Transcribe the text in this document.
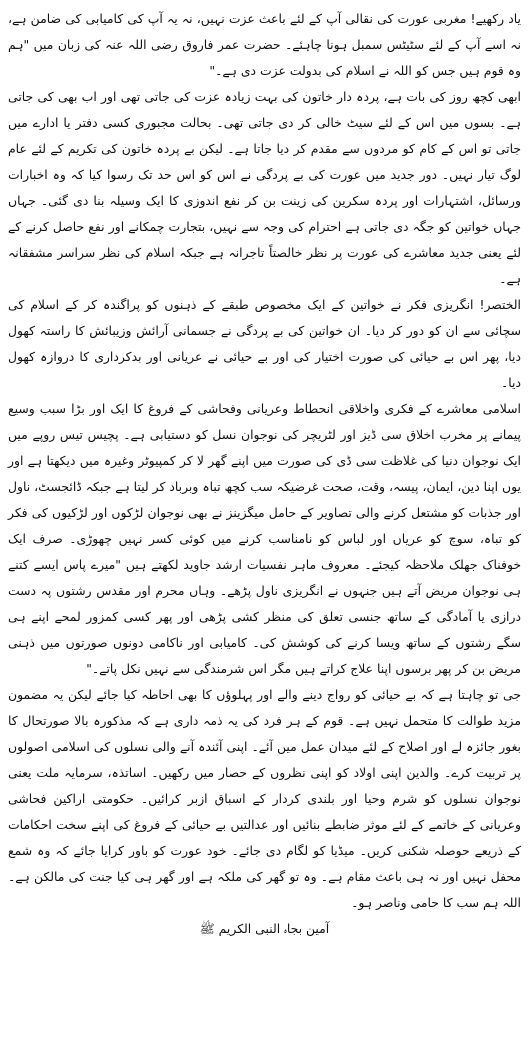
یاد رکھیے! مغربی عورت کی نقالی آپ کے لئے باعث عزت نہیں، نہ یہ آپ کی کامیابی کی ضامن ہے، نہ اسے آپ کے لئے سٹیٹس سمبل ہونا چاہئے۔ حضرت عمر فاروق رضی اللہ عنہ کی زبان میں "ہم وہ قوم ہیں جس کو اللہ نے اسلام کی بدولت عزت دی ہے۔"

ابھی کچھ روز کی بات ہے، پردہ دار خاتون کی بہت زیادہ عزت کی جاتی تھی اور اب بھی کی جاتی ہے۔ بسوں میں اس کے لئے سیٹ خالی کر دی جاتی تھی۔ بحالت مجبوری کسی دفتر یا ادارے میں جاتی تو اس کے کام کو مردوں سے مقدم کر دیا جاتا ہے۔ لیکن بے پردہ خاتون کی تکریم کے لئے عام لوگ تیار نہیں۔ دور جدید میں عورت کی بے پردگی نے اس کو اس حد تک رسوا کیا کہ وہ اخبارات ورسائل، اشتہارات اور پردہ سکرین کی زینت بن کر نفع اندوزی کا ایک وسیلہ بنا دی گئی۔ جہاں جہاں خواتین کو جگہ دی جاتی ہے احترام کی وجہ سے نہیں، بتجارت چمکانے اور نفع حاصل کرنے کے لئے یعنی جدید معاشرے کی عورت پر نظر خالصتاً تاجرانہ ہے جبکہ اسلام کی نظر سراسر مشفقانہ ہے۔

الختصر! انگریزی فکر نے خواتین کے ایک مخصوص طبقے کے ذہنوں کو پراگندہ کر کے اسلام کی سچائی سے ان کو دور کر دیا۔ ان خواتین کی بے پردگی نے جسمانی آرائش وزیبائش کا راستہ کھول دیا، پھر اس بے حیائی کی صورت اختیار کی اور بے حیائی نے عریانی اور بدکرداری کا دروازہ کھول دیا۔

اسلامی معاشرے کے فکری واخلاقی انحطاط وعریانی وفحاشی کے فروغ کا ایک اور بڑا سبب وسیع پیمانے پر مخرب اخلاق سی ڈیز اور لٹریچر کی نوجوان نسل کو دستیابی ہے۔ پچیس تیس روپے میں ایک نوجوان دنیا کی غلاظت سی ڈی کی صورت میں اپنے گھر لا کر کمپیوٹر وغیرہ میں دیکھتا ہے اور یوں اپنا دین، ایمان، پیسہ، وقت، صحت غرضیکہ سب کچھ تباہ وبرباد کر لیتا ہے جبکہ ڈائجسٹ، ناول اور جذبات کو مشتعل کرنے والی تصاویر کے حامل میگزینز نے بھی نوجوان لڑکوں اور لڑکیوں کی فکر کو تباہ، سوچ کو عریاں اور لباس کو نامناسب کرنے میں کوئی کسر نہیں چھوڑی۔ صرف ایک خوفناک جھلک ملاحظہ کیجئے۔ معروف ماہر نفسیات ارشد جاوید لکھتے ہیں "میرے پاس ایسے کتنے ہی نوجوان مریض آتے ہیں جنہوں نے انگریزی ناول پڑھے۔ وہاں محرم اور مقدس رشتوں پہ دست درازی یا آمادگی کے ساتھ جنسی تعلق کی منظر کشی پڑھی اور پھر کسی کمزور لمحے اپنے ہی سگے رشتوں کے ساتھ ویسا کرنے کی کوشش کی۔ کامیابی اور ناکامی دونوں صورتوں میں ذہنی مریض بن کر پھر برسوں اپنا علاج کراتے ہیں مگر اس شرمندگی سے نہیں نکل پاتے۔"

جی تو چاہتا ہے کہ بے حیائی کو رواج دینے والے اور پہلوؤں کا بھی احاطہ کیا جائے لیکن یہ مضمون مزید طوالت کا متحمل نہیں ہے۔ قوم کے ہر فرد کی یہ ذمہ داری ہے کہ مذکورہ بالا صورتحال کا بغور جائزہ لے اور اصلاح کے لئے میدان عمل میں آئے۔ اپنی آئندہ آنے والی نسلوں کی اسلامی اصولوں پر تربیت کرے۔ والدین اپنی اولاد کو اپنی نظروں کے حصار میں رکھیں۔ اساتذہ، سرمایہ ملت یعنی نوجوان نسلوں کو شرم وحیا اور بلندی کردار کے اسباق ازبر کرائیں۔ حکومتی اراکین فحاشی وعریانی کے خاتمے کے لئے موثر ضابطے بنائیں اور عدالتیں بے حیائی کے فروغ کی اپنے سخت احکامات کے ذریعے حوصلہ شکنی کریں۔ میڈیا کو لگام دی جائے۔ خود عورت کو باور کرایا جائے کہ وہ شمع محفل نہیں اور نہ ہی باعث مقام ہے۔ وہ تو گھر کی ملکہ ہے اور گھر ہی کیا جنت کی مالکن ہے۔ اللہ ہم سب کا حامی وناصر ہو۔

آمین بجاہ النبی الکریم ﷺ
